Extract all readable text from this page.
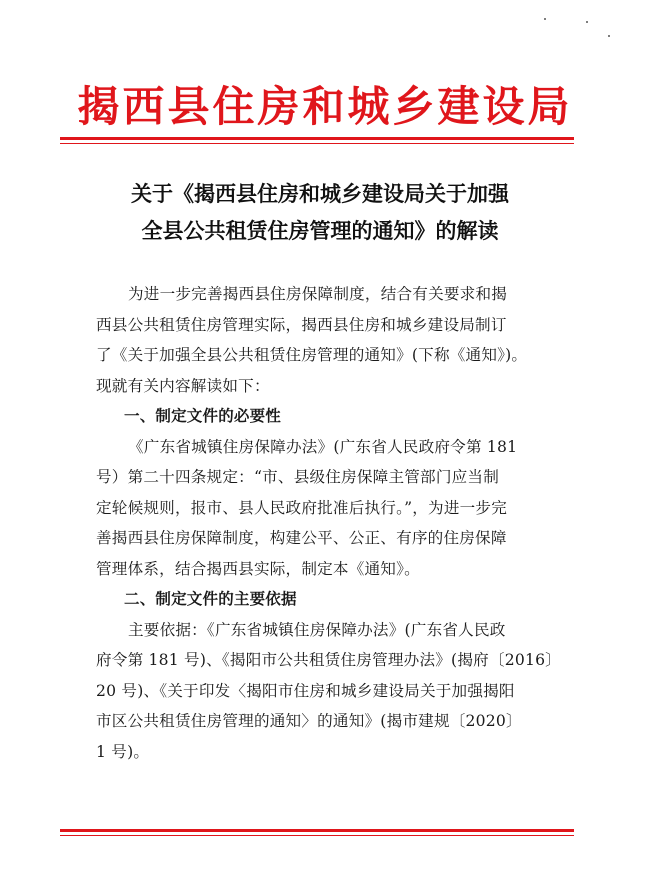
揭西县住房和城乡建设局
关于《揭西县住房和城乡建设局关于加强
全县公共租赁住房管理的通知》的解读
为进一步完善揭西县住房保障制度，结合有关要求和揭
西县公共租赁住房管理实际，揭西县住房和城乡建设局制订
了《关于加强全县公共租赁住房管理的通知》(下称《通知》)。
现就有关内容解读如下：
一、制定文件的必要性
《广东省城镇住房保障办法》(广东省人民政府令第 181
号）第二十四条规定：“市、县级住房保障主管部门应当制
定轮候规则，报市、县人民政府批准后执行。”，为进一步完
善揭西县住房保障制度，构建公平、公正、有序的住房保障
管理体系，结合揭西县实际，制定本《通知》。
二、制定文件的主要依据
主要依据：《广东省城镇住房保障办法》(广东省人民政
府令第 181 号)、《揭阳市公共租赁住房管理办法》(揭府〔2016〕
20 号)、《关于印发〈揭阳市住房和城乡建设局关于加强揭阳
市区公共租赁住房管理的通知〉的通知》(揭市建规〔2020〕
1 号)。
